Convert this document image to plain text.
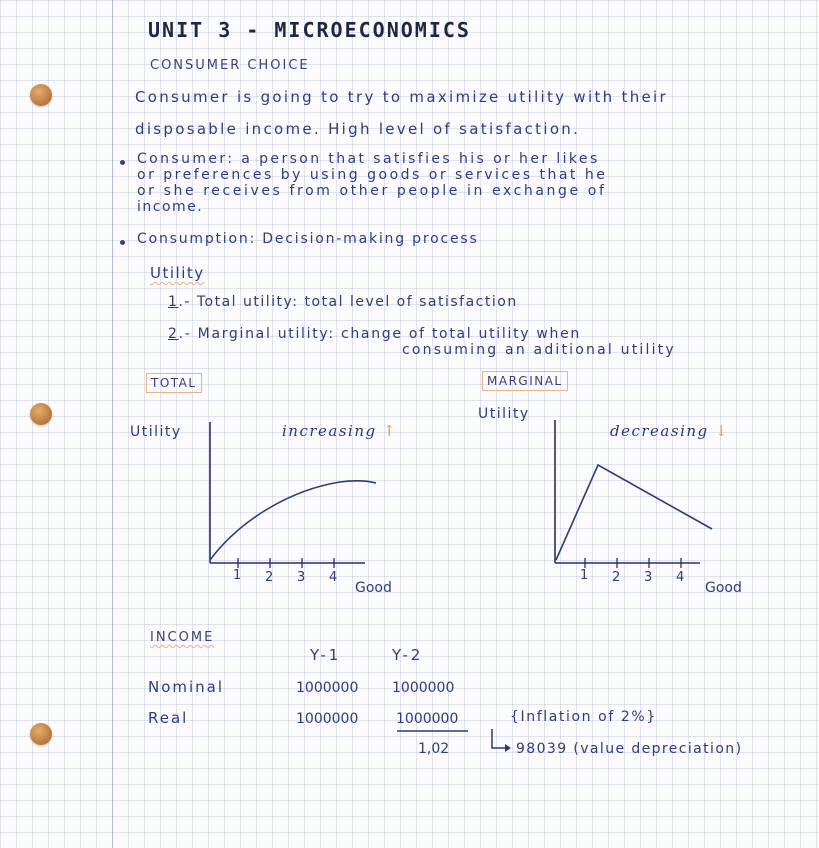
UNIT 3 - MICROECONOMICS
CONSUMER CHOICE
Consumer is going to try to maximize utility with their
disposable income. High level of satisfaction.
Consumer: a person that satisfies his or her likes
or preferences by using goods or services that he
or she receives from other people in exchange of
income.
Consumption: Decision-making process
Utility
1.- Total utility: total level of satisfaction
2.- Marginal utility: change of total utility when
consuming an aditional utility
TOTAL	MARGINAL
Utility	increasing ↑
Utility
decreasing ↓
1 2 3 4
Good
1 2 3 4
Good
INCOME
Y-1	Y-2
Nominal	1000000 1000000
Real	1000000	1000000
1,02
{Inflation of 2%}
98039 (value depreciation)
